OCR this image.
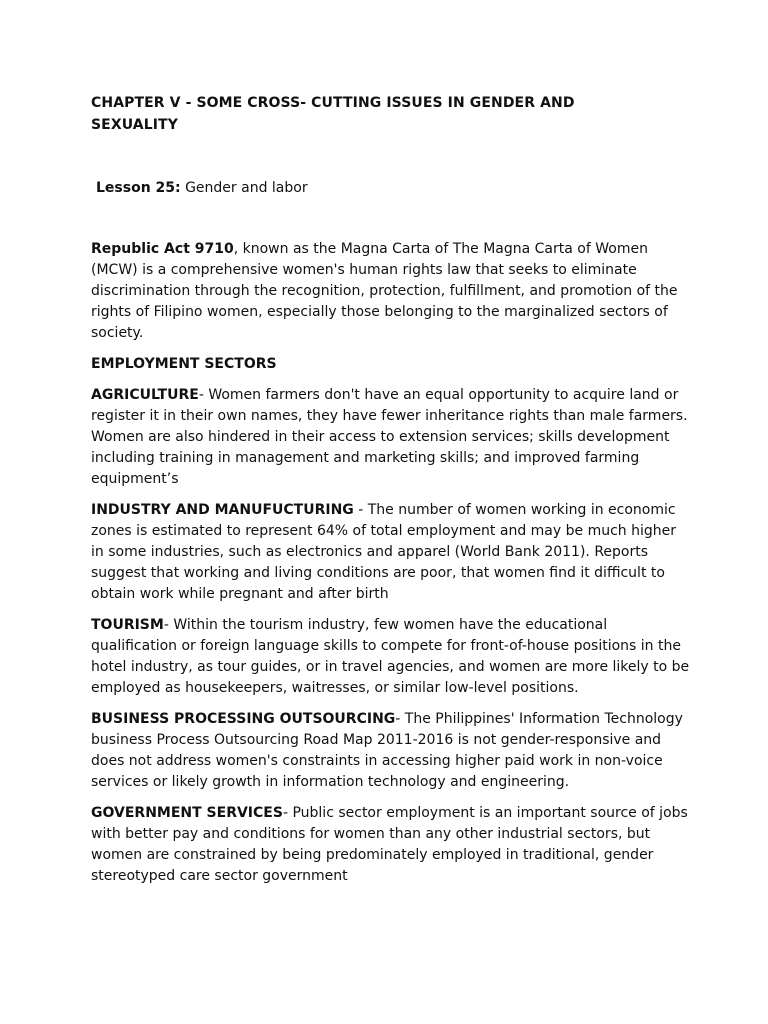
CHAPTER V - SOME CROSS- CUTTING ISSUES IN GENDER AND
SEXUALITY

Lesson 25: Gender and labor

Republic Act 9710, known as the Magna Carta of The Magna Carta of Women (MCW) is a comprehensive women's human rights law that seeks to eliminate discrimination through the recognition, protection, fulfillment, and promotion of the rights of Filipino women, especially those belonging to the marginalized sectors of society.

EMPLOYMENT SECTORS

AGRICULTURE- Women farmers don't have an equal opportunity to acquire land or register it in their own names, they have fewer inheritance rights than male farmers. Women are also hindered in their access to extension services; skills development including training in management and marketing skills; and improved farming equipment’s

INDUSTRY AND MANUFUCTURING - The number of women working in economic zones is estimated to represent 64% of total employment and may be much higher in some industries, such as electronics and apparel (World Bank 2011). Reports suggest that working and living conditions are poor, that women find it difficult to obtain work while pregnant and after birth

TOURISM- Within the tourism industry, few women have the educational qualification or foreign language skills to compete for front-of-house positions in the hotel industry, as tour guides, or in travel agencies, and women are more likely to be employed as housekeepers, waitresses, or similar low-level positions.

BUSINESS PROCESSING OUTSOURCING- The Philippines' Information Technology business Process Outsourcing Road Map 2011-2016 is not gender-responsive and does not address women's constraints in accessing higher paid work in non-voice services or likely growth in information technology and engineering.

GOVERNMENT SERVICES- Public sector employment is an important source of jobs with better pay and conditions for women than any other industrial sectors, but women are constrained by being predominately employed in traditional, gender stereotyped care sector government
